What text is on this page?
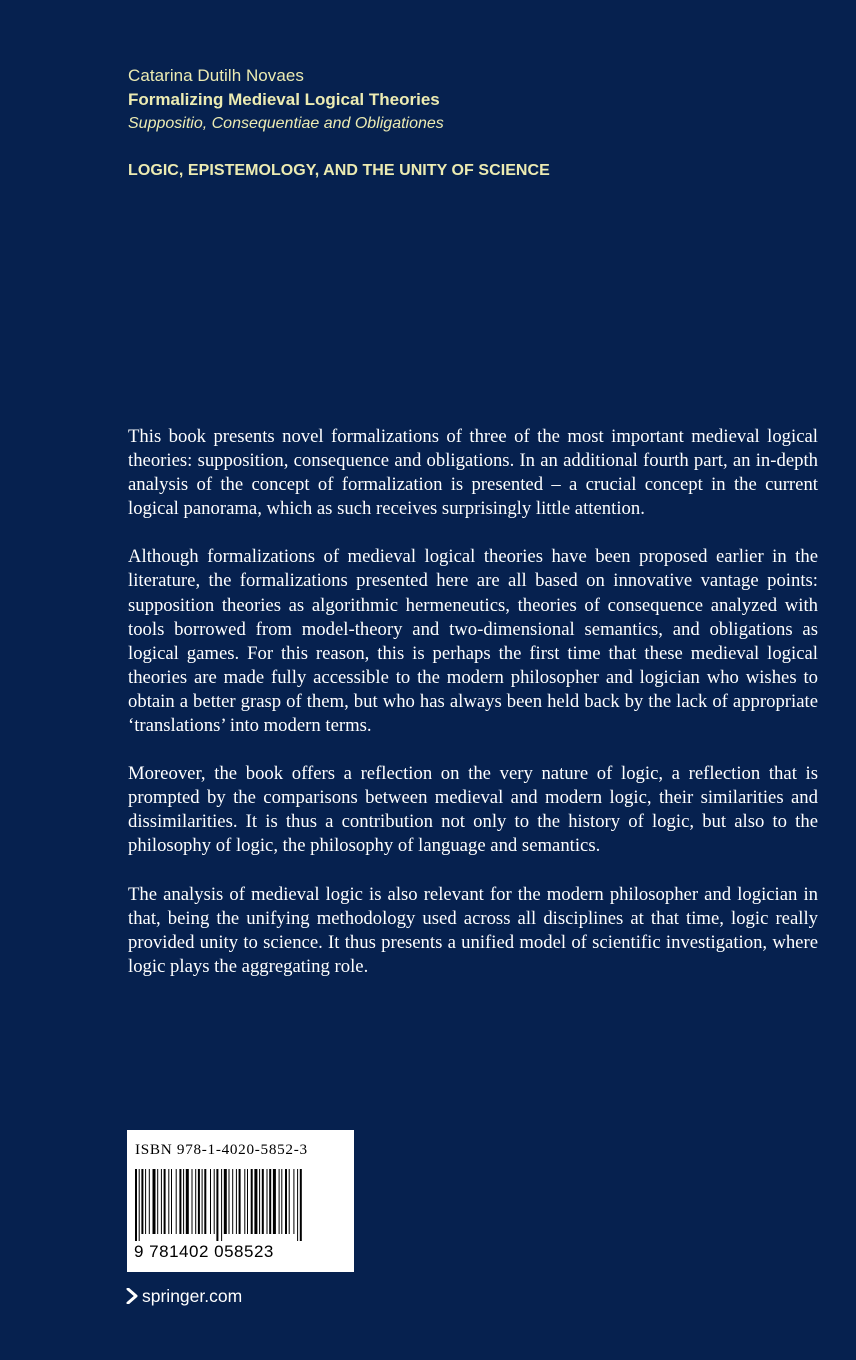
Catarina Dutilh Novaes
Formalizing Medieval Logical Theories
Suppositio, Consequentiae and Obligationes
LOGIC, EPISTEMOLOGY, AND THE UNITY OF SCIENCE

This book presents novel formalizations of three of the most important medieval logical theories: supposition, consequence and obligations. In an additional fourth part, an in-depth analysis of the concept of formalization is presented – a crucial concept in the current logical panorama, which as such receives surprisingly little attention.

Although formalizations of medieval logical theories have been proposed earlier in the literature, the formalizations presented here are all based on innovative vantage points: supposition theories as algorithmic hermeneutics, theories of consequence analyzed with tools borrowed from model-theory and two-dimensional semantics, and obligations as logical games. For this reason, this is perhaps the first time that these medieval logical theories are made fully accessible to the modern philosopher and logician who wishes to obtain a better grasp of them, but who has always been held back by the lack of appropriate ‘translations’ into modern terms.

Moreover, the book offers a reflection on the very nature of logic, a reflection that is prompted by the comparisons between medieval and modern logic, their similarities and dissimilarities. It is thus a contribution not only to the history of logic, but also to the philosophy of logic, the philosophy of language and semantics.

The analysis of medieval logic is also relevant for the modern philosopher and logician in that, being the unifying methodology used across all disciplines at that time, logic really provided unity to science. It thus presents a unified model of scientific investigation, where logic plays the aggregating role.

ISBN 978-1-4020-5852-3
9 781402 058523
springer.com
